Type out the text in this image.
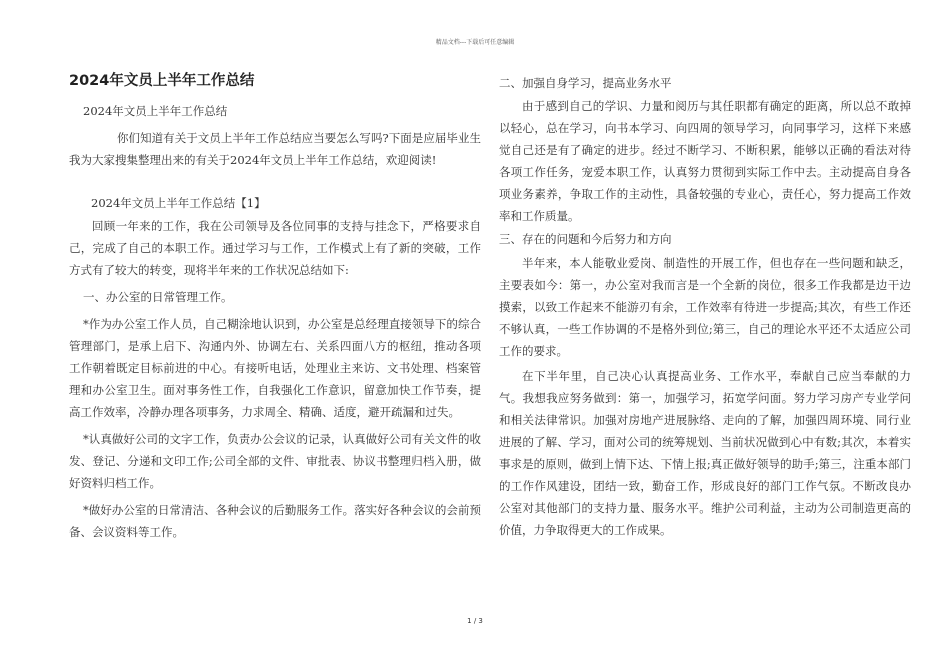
精品文档---下载后可任意编辑
2024年文员上半年工作总结
2024年文员上半年工作总结
你们知道有关于文员上半年工作总结应当要怎么写吗?下面是应届毕业生我为大家搜集整理出来的有关于2024年文员上半年工作总结，欢迎阅读!
2024年文员上半年工作总结【1】
回顾一年来的工作，我在公司领导及各位同事的支持与挂念下，严格要求自己，完成了自己的本职工作。通过学习与工作，工作模式上有了新的突破，工作方式有了较大的转变，现将半年来的工作状况总结如下:
一、办公室的日常管理工作。
*作为办公室工作人员，自己糊涂地认识到，办公室是总经理直接领导下的综合管理部门，是承上启下、沟通内外、协调左右、关系四面八方的枢纽，推动各项工作朝着既定目标前进的中心。有接听电话，处理业主来访、文书处理、档案管理和办公室卫生。面对事务性工作，自我强化工作意识，留意加快工作节奏，提高工作效率，冷静办理各项事务，力求周全、精确、适度，避开疏漏和过失。
*认真做好公司的文字工作，负责办公会议的记录，认真做好公司有关文件的收发、登记、分递和文印工作;公司全部的文件、审批表、协议书整理归档入册，做好资料归档工作。
*做好办公室的日常清洁、各种会议的后勤服务工作。落实好各种会议的会前预备、会议资料等工作。
二、加强自身学习，提高业务水平
由于感到自己的学识、力量和阅历与其任职都有确定的距离，所以总不敢掉以轻心，总在学习，向书本学习、向四周的领导学习，向同事学习，这样下来感觉自己还是有了确定的进步。经过不断学习、不断积累，能够以正确的看法对待各项工作任务，宠爱本职工作，认真努力贯彻到实际工作中去。主动提高自身各项业务素养，争取工作的主动性，具备较强的专业心，责任心，努力提高工作效率和工作质量。
三、存在的问题和今后努力和方向
半年来，本人能敬业爱岗、制造性的开展工作，但也存在一些问题和缺乏，主要表如今：第一，办公室对我而言是一个全新的岗位，很多工作我都是边干边摸索，以致工作起来不能游刃有余，工作效率有待进一步提高;其次，有些工作还不够认真，一些工作协调的不是格外到位;第三，自己的理论水平还不太适应公司工作的要求。
在下半年里，自己决心认真提高业务、工作水平，奉献自己应当奉献的力气。我想我应努务做到：第一，加强学习，拓宽学问面。努力学习房产专业学问和相关法律常识。加强对房地产进展脉络、走向的了解，加强四周环境、同行业进展的了解、学习，面对公司的统筹规划、当前状况做到心中有数;其次，本着实事求是的原则，做到上情下达、下情上报;真正做好领导的助手;第三，注重本部门的工作作风建设，团结一致，勤奋工作，形成良好的部门工作气氛。不断改良办公室对其他部门的支持力量、服务水平。维护公司利益，主动为公司制造更高的价值，力争取得更大的工作成果。
1 / 3
